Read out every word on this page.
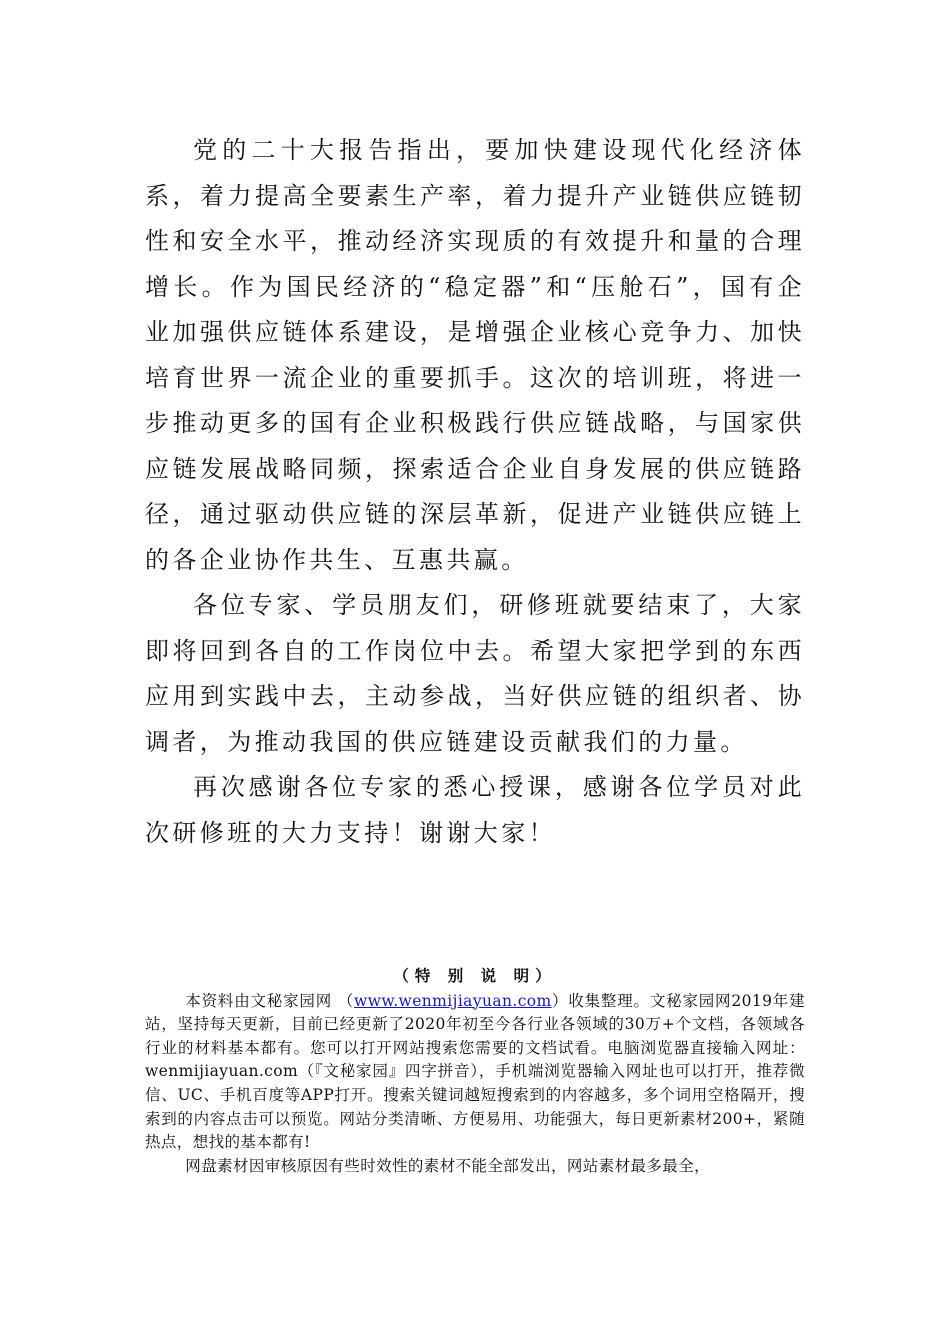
党的二十大报告指出，要加快建设现代化经济体系，着力提高全要素生产率，着力提升产业链供应链韧性和安全水平，推动经济实现质的有效提升和量的合理增长。作为国民经济的“稳定器”和“压舱石”，国有企业加强供应链体系建设，是增强企业核心竞争力、加快培育世界一流企业的重要抓手。这次的培训班，将进一步推动更多的国有企业积极践行供应链战略，与国家供应链发展战略同频，探索适合企业自身发展的供应链路径，通过驱动供应链的深层革新，促进产业链供应链上的各企业协作共生、互惠共赢。

各位专家、学员朋友们，研修班就要结束了，大家即将回到各自的工作岗位中去。希望大家把学到的东西应用到实践中去，主动参战，当好供应链的组织者、协调者，为推动我国的供应链建设贡献我们的力量。

再次感谢各位专家的悉心授课，感谢各位学员对此次研修班的大力支持！谢谢大家！

（特 别 说 明）

本资料由文秘家园网 （www.wenmijiayuan.com）收集整理。文秘家园网2019年建站，坚持每天更新，目前已经更新了2020年初至今各行业各领域的30万+个文档，各领域各行业的材料基本都有。您可以打开网站搜索您需要的文档试看。电脑浏览器直接输入网址：wenmijiayuan.com（『文秘家园』四字拼音），手机端浏览器输入网址也可以打开，推荐微信、UC、手机百度等APP打开。搜索关键词越短搜索到的内容越多，多个词用空格隔开，搜索到的内容点击可以预览。网站分类清晰、方便易用、功能强大，每日更新素材200+，紧随热点，想找的基本都有!

网盘素材因审核原因有些时效性的素材不能全部发出，网站素材最多最全，
